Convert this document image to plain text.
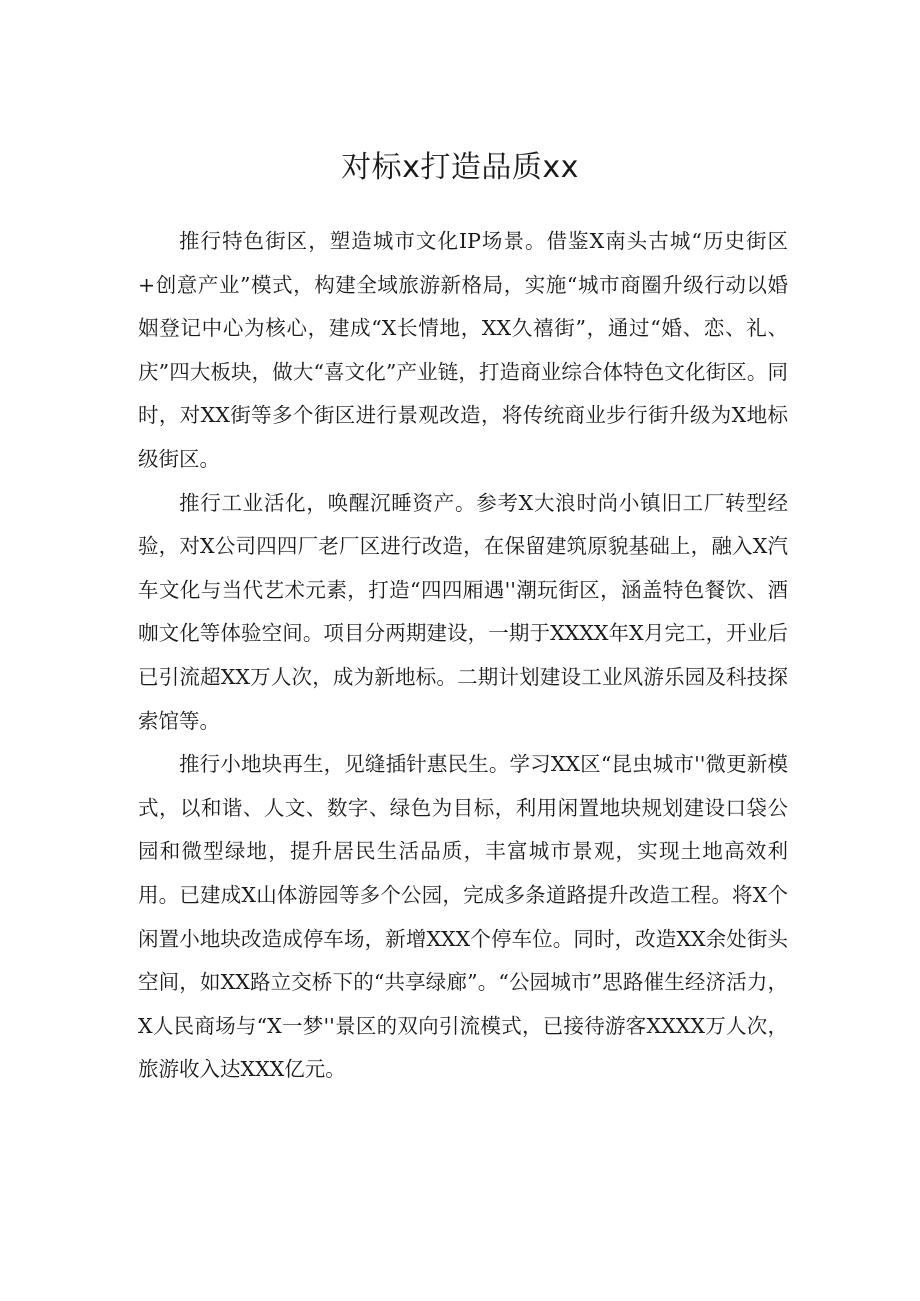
对标x打造品质xx

推行特色街区，塑造城市文化IP场景。借鉴X南头古城“历史街区+创意产业”模式，构建全域旅游新格局，实施“城市商圈升级行动以婚姻登记中心为核心，建成“X长情地，XX久禧街”，通过“婚、恋、礼、庆”四大板块，做大“喜文化”产业链，打造商业综合体特色文化街区。同时，对XX街等多个街区进行景观改造，将传统商业步行街升级为X地标级街区。

推行工业活化，唤醒沉睡资产。参考X大浪时尚小镇旧工厂转型经验，对X公司四四厂老厂区进行改造，在保留建筑原貌基础上，融入X汽车文化与当代艺术元素，打造“四四厢遇''潮玩街区，涵盖特色餐饮、酒咖文化等体验空间。项目分两期建设，一期于XXXX年X月完工，开业后已引流超XX万人次，成为新地标。二期计划建设工业风游乐园及科技探索馆等。

推行小地块再生，见缝插针惠民生。学习XX区“昆虫城市''微更新模式，以和谐、人文、数字、绿色为目标，利用闲置地块规划建设口袋公园和微型绿地，提升居民生活品质，丰富城市景观，实现土地高效利用。已建成X山体游园等多个公园，完成多条道路提升改造工程。将X个闲置小地块改造成停车场，新增XXX个停车位。同时，改造XX余处街头空间，如XX路立交桥下的“共享绿廊”。“公园城市”思路催生经济活力，X人民商场与“X一梦''景区的双向引流模式，已接待游客XXXX万人次，旅游收入达XXX亿元。
